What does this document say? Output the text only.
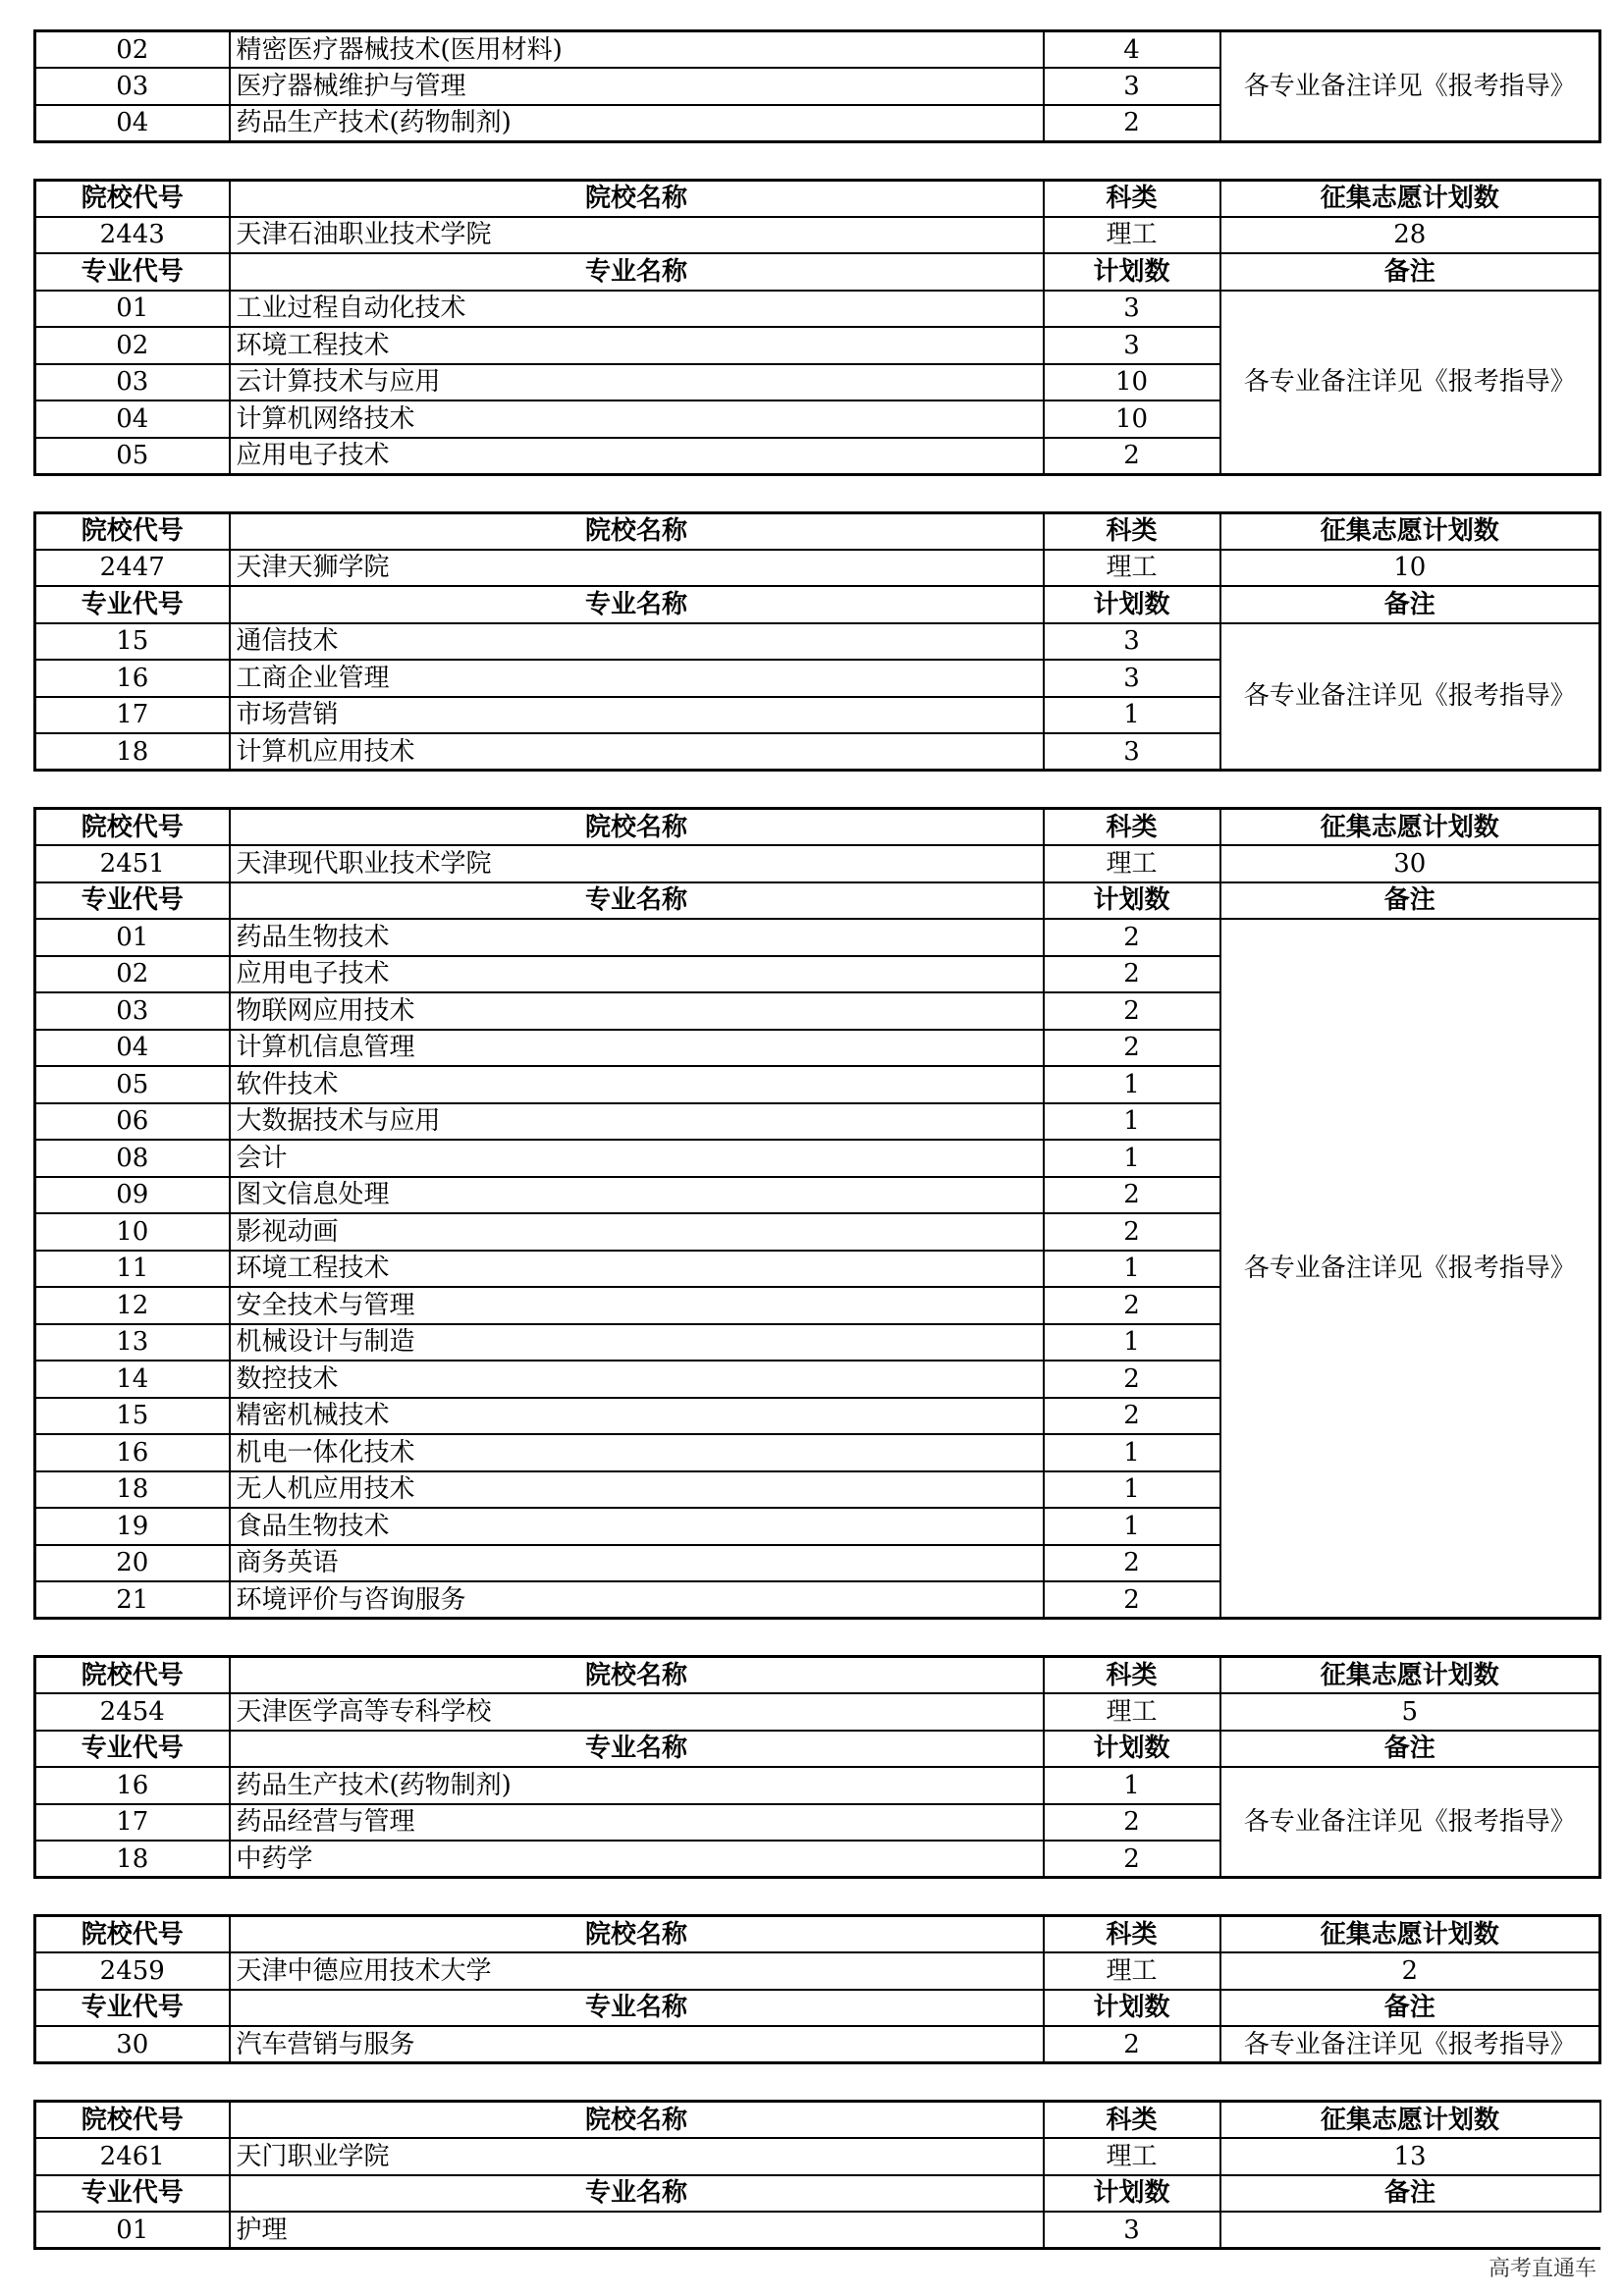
02	精密医疗器械技术(医用材料)	4	各专业备注详见《报考指导》
03	医疗器械维护与管理	3	
04	药品生产技术(药物制剂)	2	
院校代号	院校名称	科类	征集志愿计划数
2443	天津石油职业技术学院	理工	28
专业代号	专业名称	计划数	备注
01	工业过程自动化技术	3	各专业备注详见《报考指导》
02	环境工程技术	3	
03	云计算技术与应用	10	
04	计算机网络技术	10	
05	应用电子技术	2	
院校代号	院校名称	科类	征集志愿计划数
2447	天津天狮学院	理工	10
专业代号	专业名称	计划数	备注
15	通信技术	3	各专业备注详见《报考指导》
16	工商企业管理	3	
17	市场营销	1	
18	计算机应用技术	3	
院校代号	院校名称	科类	征集志愿计划数
2451	天津现代职业技术学院	理工	30
专业代号	专业名称	计划数	备注
01	药品生物技术	2	各专业备注详见《报考指导》
02	应用电子技术	2	
03	物联网应用技术	2	
04	计算机信息管理	2	
05	软件技术	1	
06	大数据技术与应用	1	
08	会计	1	
09	图文信息处理	2	
10	影视动画	2	
11	环境工程技术	1	
12	安全技术与管理	2	
13	机械设计与制造	1	
14	数控技术	2	
15	精密机械技术	2	
16	机电一体化技术	1	
18	无人机应用技术	1	
19	食品生物技术	1	
20	商务英语	2	
21	环境评价与咨询服务	2	
院校代号	院校名称	科类	征集志愿计划数
2454	天津医学高等专科学校	理工	5
专业代号	专业名称	计划数	备注
16	药品生产技术(药物制剂)	1	各专业备注详见《报考指导》
17	药品经营与管理	2	
18	中药学	2	
院校代号	院校名称	科类	征集志愿计划数
2459	天津中德应用技术大学	理工	2
专业代号	专业名称	计划数	备注
30	汽车营销与服务	2	各专业备注详见《报考指导》
院校代号	院校名称	科类	征集志愿计划数
2461	天门职业学院	理工	13
专业代号	专业名称	计划数	备注
01	护理	3	
高考直通车
